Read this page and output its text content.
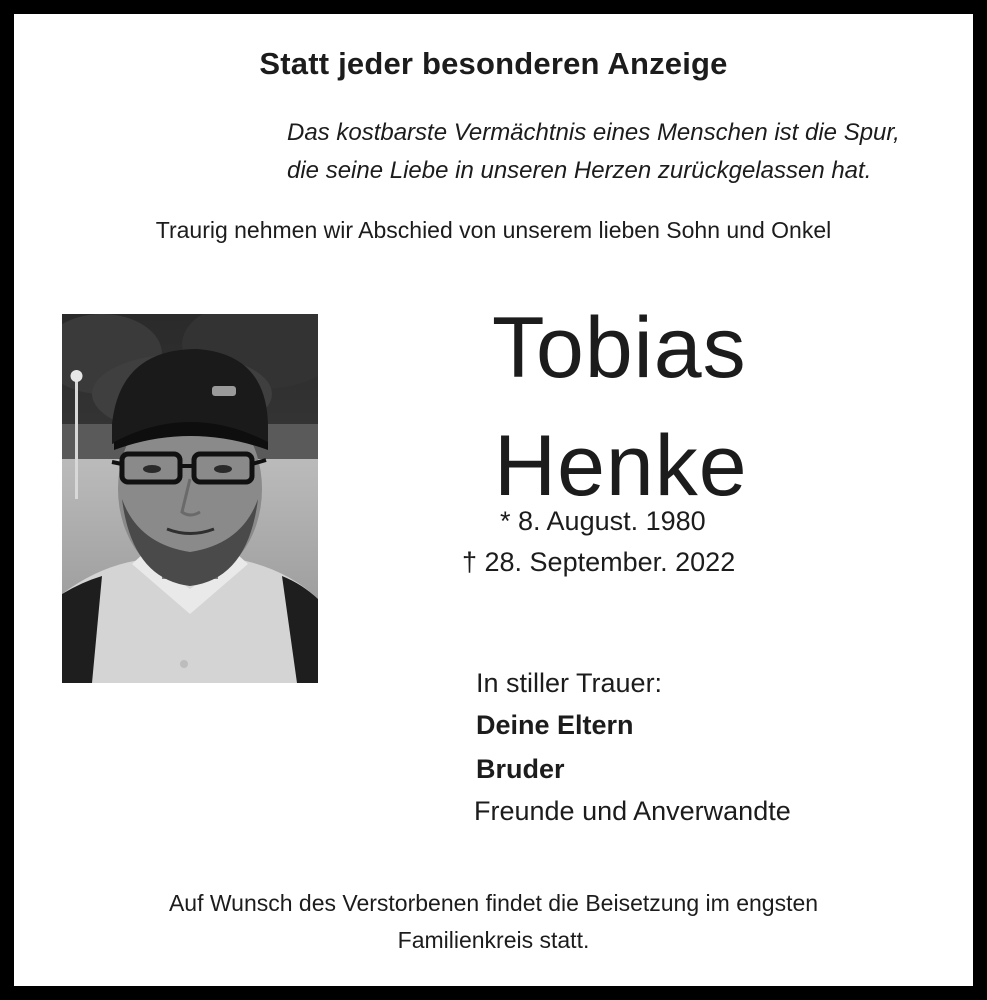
Statt jeder besonderen Anzeige
Das kostbarste Vermächtnis eines Menschen ist die Spur,
die seine Liebe in unseren Herzen zurückgelassen hat.
Traurig nehmen wir Abschied von unserem lieben Sohn und Onkel
Tobias
Henke
* 8. August. 1980
† 28. September. 2022
In stiller Trauer:
Deine Eltern
Bruder
Freunde und Anverwandte
Auf Wunsch des Verstorbenen findet die Beisetzung im engsten
Familienkreis statt.
